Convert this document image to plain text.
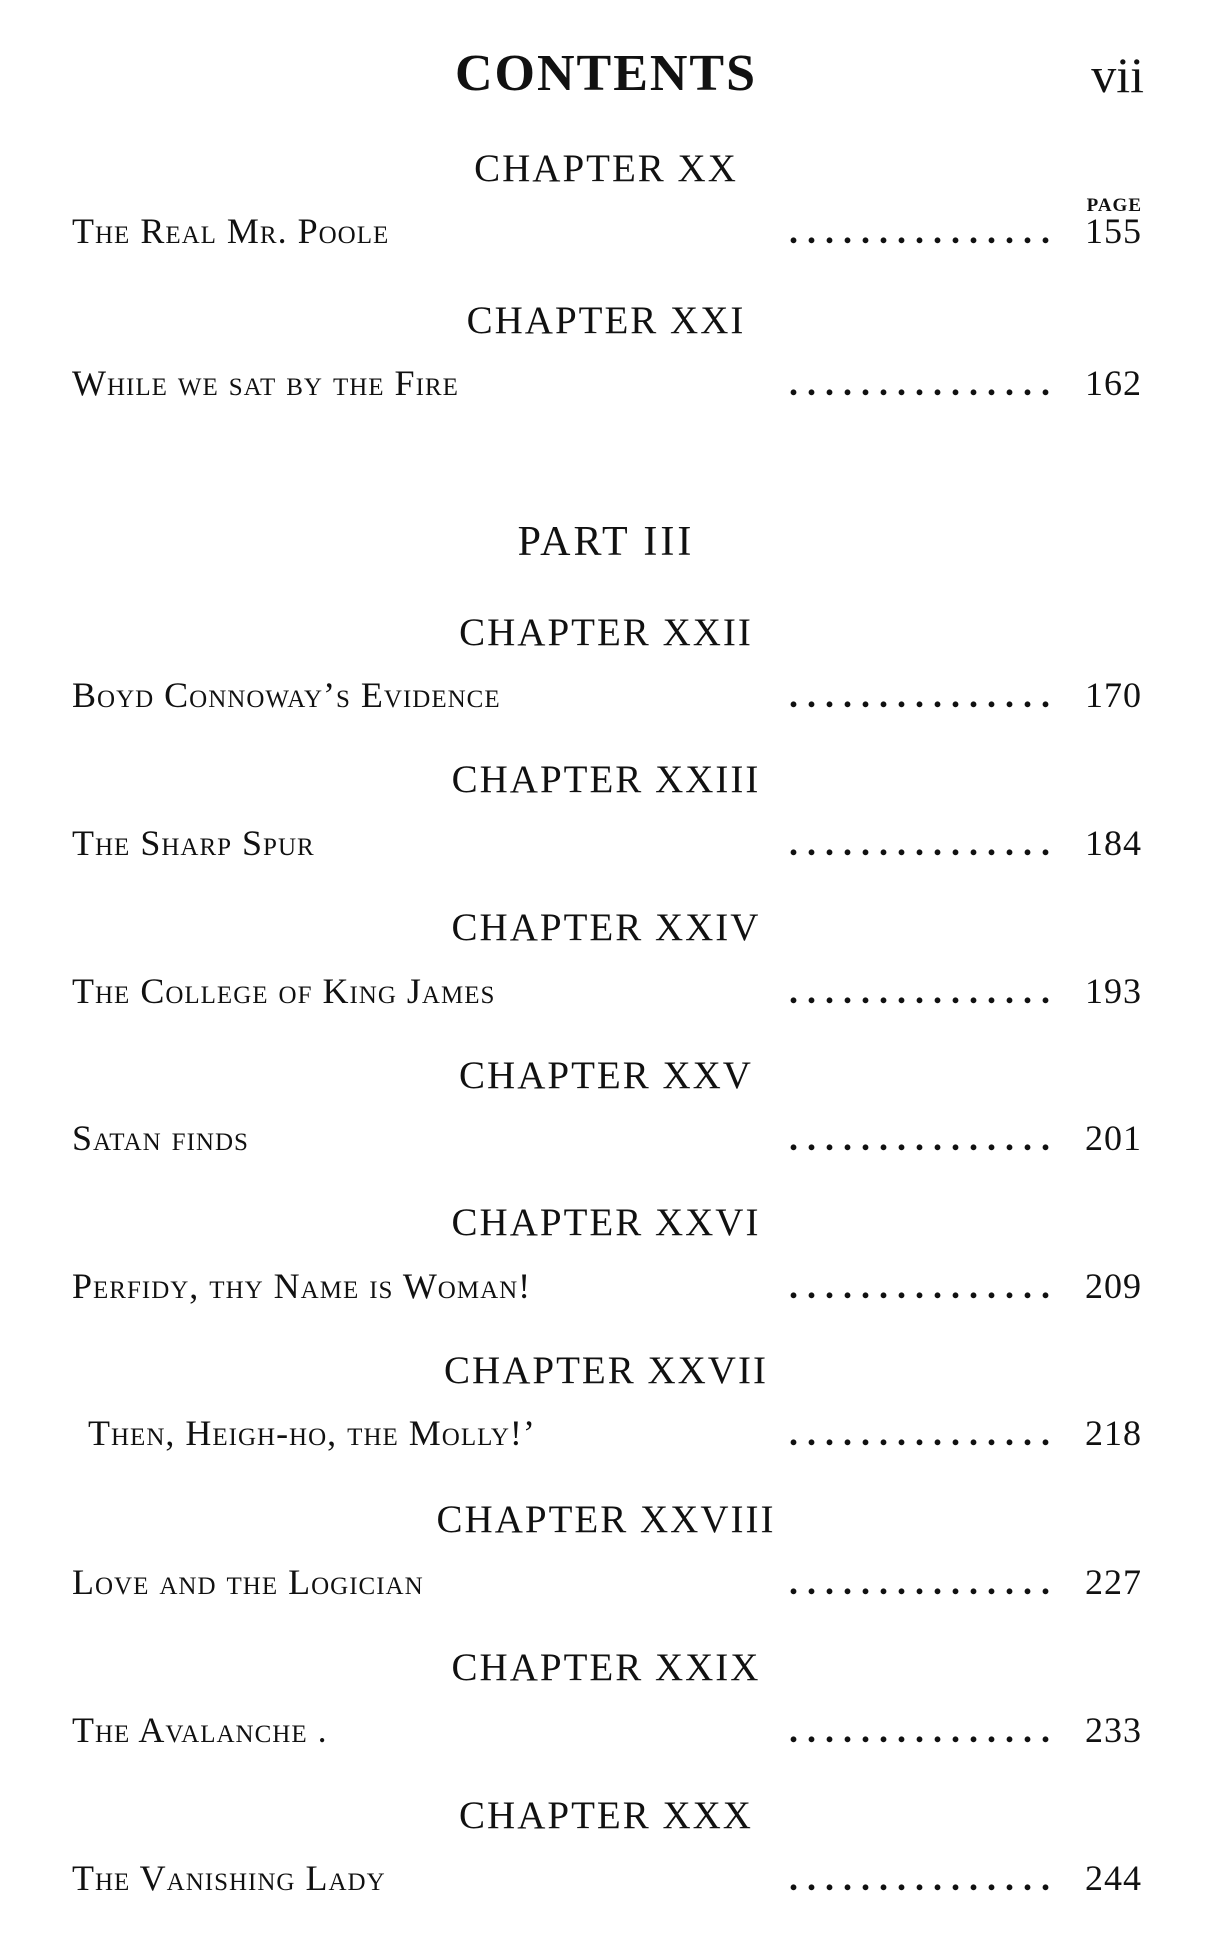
CONTENTS	vii
CHAPTER XX
PAGE
The Real Mr. Poole	. . . . . . . . . . . . . . . 155
CHAPTER XXI
While we sat by the Fire	. . . . . . . . . . . . . . . 162
PART III
CHAPTER XXII
Boyd Connoway’s Evidence	. . . . . . . . . . . . . . . 170
CHAPTER XXIII
The Sharp Spur	. . . . . . . . . . . . . . . 184
CHAPTER XXIV
The College of King James	. . . . . . . . . . . . . . . 193
CHAPTER XXV
Satan finds	. . . . . . . . . . . . . . . 201
CHAPTER XXVI
Perfidy, thy Name is Woman!	. . . . . . . . . . . . . . . 209
CHAPTER XXVII
Then, Heigh-ho, the Molly!’	. . . . . . . . . . . . . . . 218
CHAPTER XXVIII
Love and the Logician	. . . . . . . . . . . . . . . 227
CHAPTER XXIX
The Avalanche .	. . . . . . . . . . . . . . . 233
CHAPTER XXX
The Vanishing Lady	. . . . . . . . . . . . . . . 244
